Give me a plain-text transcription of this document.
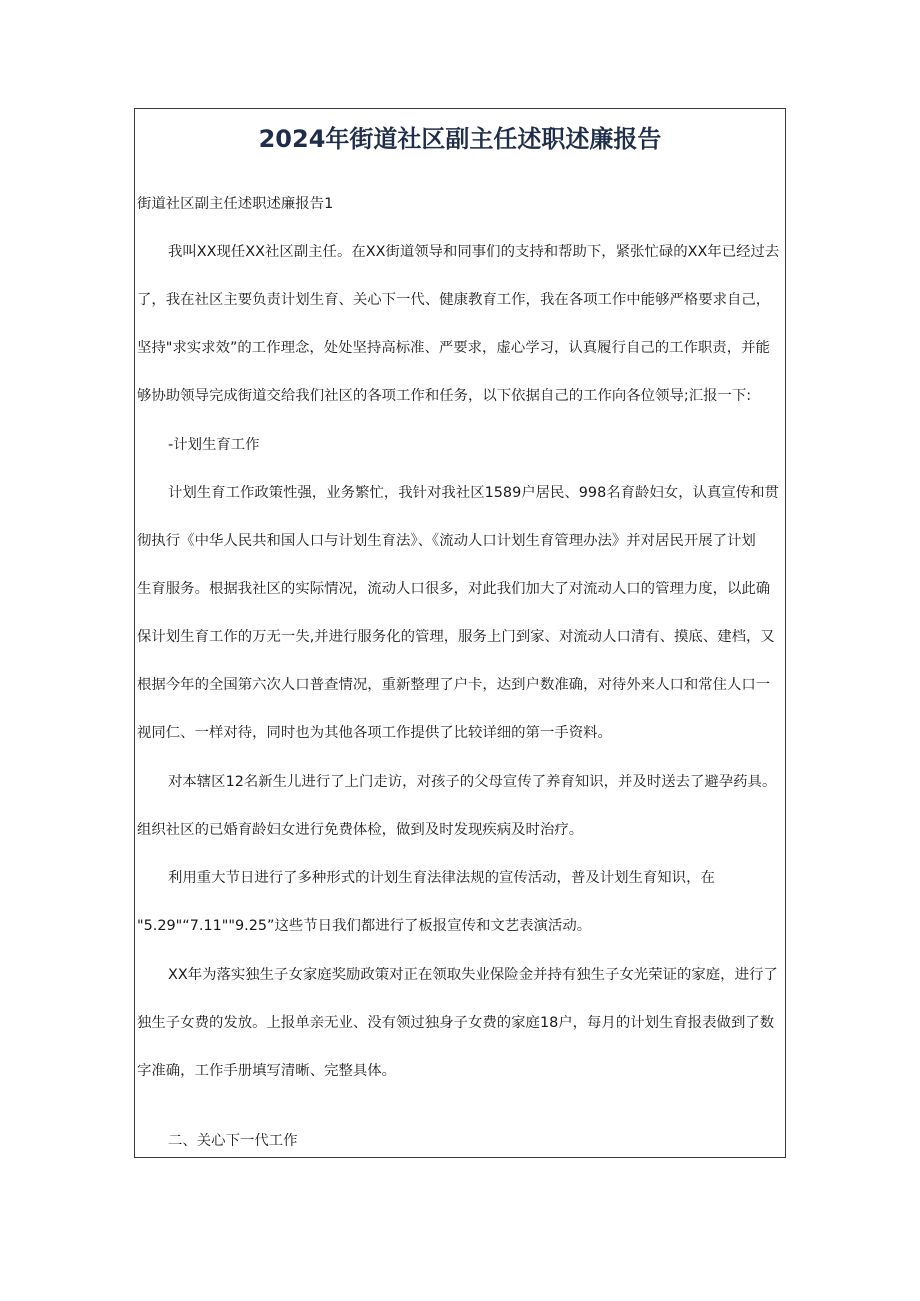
2024年街道社区副主任述职述廉报告
街道社区副主任述职述廉报告1
我叫XX现任XX社区副主任。在XX街道领导和同事们的支持和帮助下，紧张忙碌的XX年已经过去
了，我在社区主要负责计划生育、关心下一代、健康教育工作，我在各项工作中能够严格要求自己，
坚持"求实求效”的工作理念，处处坚持高标准、严要求，虚心学习，认真履行自己的工作职责，并能
够协助领导完成街道交给我们社区的各项工作和任务，以下依据自己的工作向各位领导;汇报一下:
-计划生育工作
计划生育工作政策性强，业务繁忙，我针对我社区1589户居民、998名育龄妇女，认真宣传和贯
彻执行《中华人民共和国人口与计划生育法》、《流动人口计划生育管理办法》并对居民开展了计划
生育服务。根据我社区的实际情况，流动人口很多，对此我们加大了对流动人口的管理力度，以此确
保计划生育工作的万无一失,并进行服务化的管理，服务上门到家、对流动人口清有、摸底、建档，又
根据今年的全国第六次人口普查情况，重新整理了户卡，达到户数准确，对待外来人口和常住人口一
视同仁、一样对待，同时也为其他各项工作提供了比较详细的第一手资料。
对本辖区12名新生儿进行了上门走访，对孩子的父母宣传了养育知识，并及时送去了避孕药具。
组织社区的已婚育龄妇女进行免费体检，做到及时发现疾病及时治疗。
利用重大节日进行了多种形式的计划生育法律法规的宣传活动，普及计划生育知识，在
"5.29"“7.11""9.25”这些节日我们都进行了板报宣传和文艺表演活动。
XX年为落实独生子女家庭奖励政策对正在领取失业保险金并持有独生子女光荣证的家庭，进行了
独生子女费的发放。上报单亲无业、没有领过独身子女费的家庭18户，每月的计划生育报表做到了数
字准确，工作手册填写清晰、完整具体。
二、关心下一代工作
